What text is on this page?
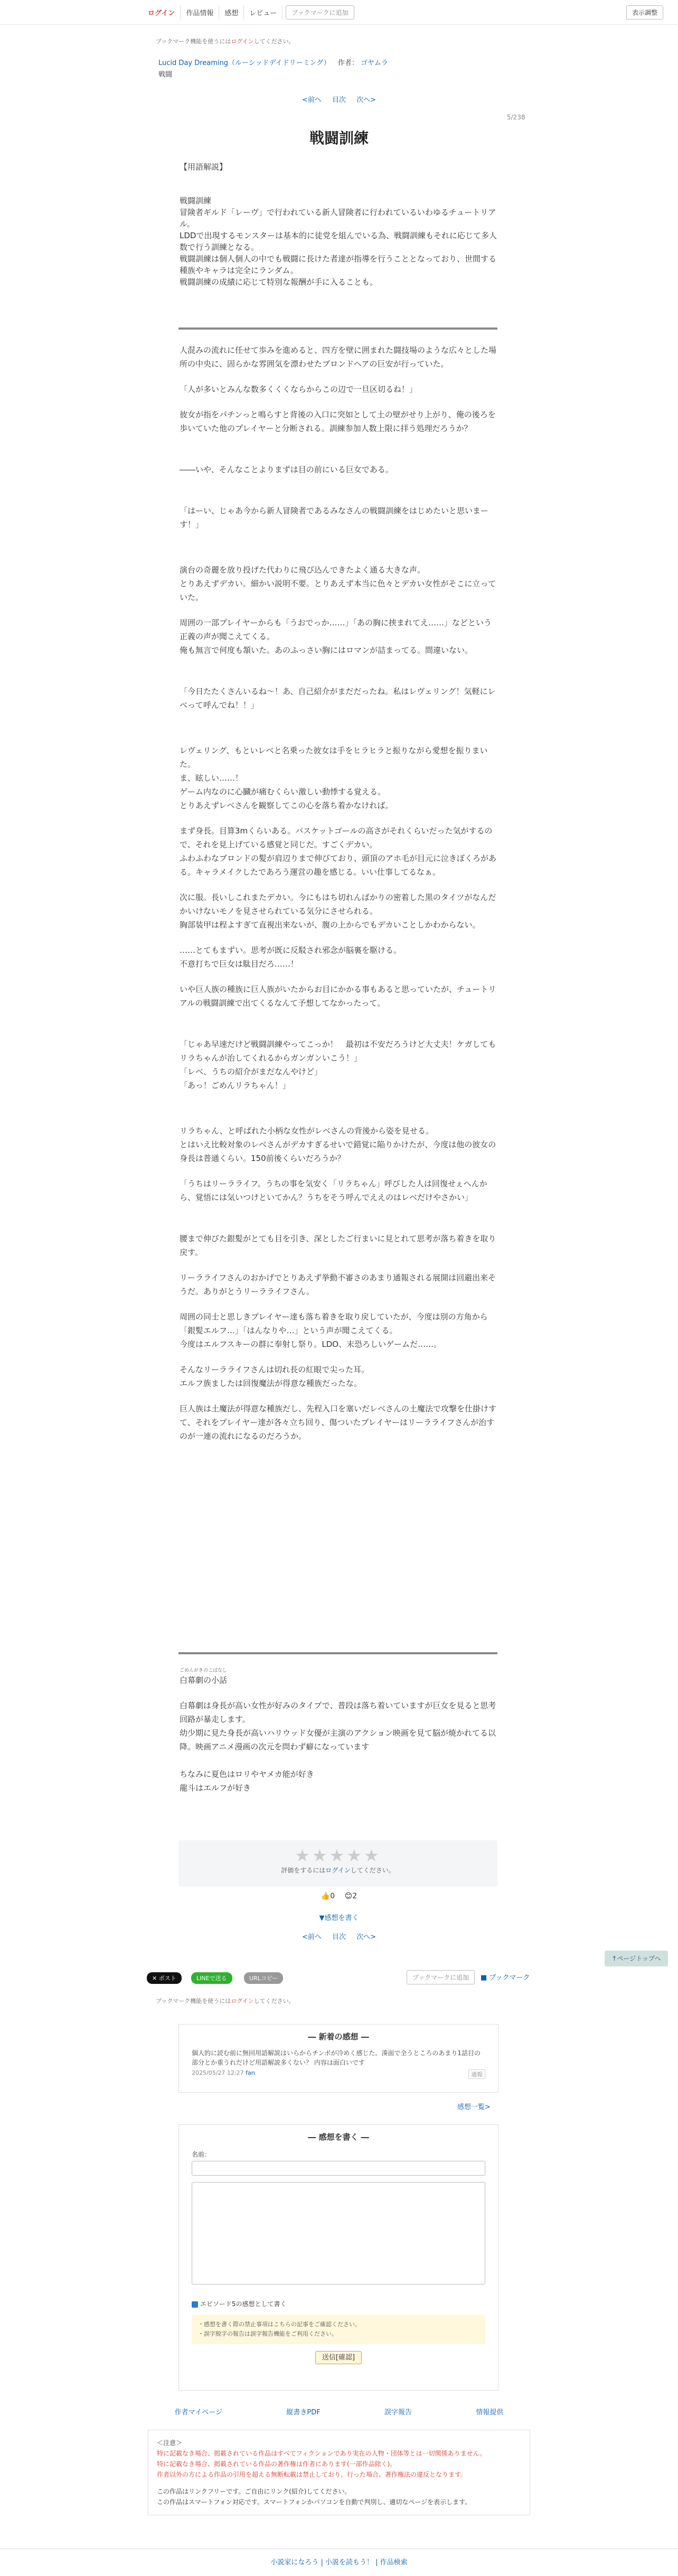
ログイン	作品情報	感想	レビュー	ブックマークに追加	表示調整
ブックマーク機能を使うにはログインしてください。
Lucid Day Dreaming（ルーシッドデイドリーミング） 作者： ゴヤムラ
戦闘
<前へ 目次 次へ>
5/238
戦闘訓練
【用語解説】
戦闘訓練
冒険者ギルド「レーヴ」で行われている新人冒険者に行われているいわゆるチュートリアル。
LDDで出現するモンスターは基本的に徒党を組んでいる為、戦闘訓練もそれに応じて多人数で行う訓練となる。
戦闘訓練は個人個人の中でも戦闘に長けた者達が指導を行うこととなっており、世間する種族やキャラは完全にランダム。
戦闘訓練の成績に応じて特別な報酬が手に入ることも。

人混みの流れに任せて歩みを進めると、四方を壁に囲まれた闘技場のような広々とした場所の中央に、固らかな雰囲気を漂わせたブロンドヘアの巨安が行っていた。

「人が多いとみんな数多くくくならからこの辺で一旦区切るね！」

彼女が指をパチンっと鳴らすと背後の入口に突如として土の壁がせり上がり、俺の後ろを歩いていた他のプレイヤーと分断される。訓練参加人数上限に拝う処理だろうか？

――いや、そんなことよりまずは目の前にいる巨女である。

「はーい、じゃあ今から新人冒険者であるみなさんの戦闘訓練をはじめたいと思いまーす！」

演台の奇麗を放り投げた代わりに飛び込んできたよく通る大きな声。
とりあえずデカい。細かい説明不要。とりあえず本当に色々とデカい女性がそこに立っていた。

周囲の一部プレイヤーからも「うおでっか……」「あの胸に挟まれてえ……」などという正義の声が聞こえてくる。
俺も無言で何度も頷いた。あのふっさい胸にはロマンが詰まってる。間違いない。

「今日たたくさんいるね～！あ、自己紹介がまだだったね。私はレヴェリング！気軽にレベって呼んでね！！」

レヴェリング、もといレベと名乗った彼女は手をヒラヒラと振りながら愛想を振りまいた。
ま、眩しい……！
ゲーム内なのに心臓が痛むくらい激しい動悸する覚える。
とりあえずレベさんを観察してこの心を落ち着かなければ。

まず身長。目算3mくらいある。バスケットゴールの高さがそれくらいだった気がするので、それを見上げている感覚と同じだ。すごくデカい。
ふわふわなブロンドの髪が肩辺りまで伸びており、頭頂のアホ毛が目元に泣きぼくろがある。キャラメイクしたであろう運営の趣を感じる。いい仕事してるなぁ。

次に服。長いしこれまたデカい。今にもはち切れんばかりの密着した黒のタイツがなんだかいけないモノを見させられている気分にさせられる。
胸部装甲は程よすぎて直視出来ないが、腹の上からでもデカいことしかわからない。

……とてもまずい。思考が既に反駁され邪念が脳裏を駆ける。
不意打ちで巨女は駄目だろ……！

いや巨人族の種族に巨人族がいたからお目にかかる事もあると思っていたが、チュートリアルの戦闘訓練で出てくるなんて予想してなかったって。

「じゃあ早速だけど戦闘訓練やってこっか！　最初は不安だろうけど大丈夫！ケガしてもリラちゃんが治してくれるからガンガンいこう！」
「レベ、うちの紹介がまだなんやけど」
「あっ！ごめんリラちゃん！」

リラちゃん、と呼ばれた小柄な女性がレベさんの背後から姿を見せる。
とはいえ比較対象のレベさんがデカすぎるせいで錯覚に陥りかけたが、今度は他の彼女の身長は普通くらい。150前後くらいだろうか？

「うちはリーラライフ。うちの事を気安く「リラちゃん」呼びした人は回復せぇへんから、覚悟には気いつけといてかん？うちをそう呼んでええのはレベだけやさかい」

腰まで伸びた銀髪がとても目を引き、深としたご行まいに見とれて思考が落ち着きを取り戻す。

リーラライフさんのおかげでとりあえず挙動不審さのあまり通報される展開は回避出来そうだ。ありがとうリーラライフさん。

周囲の同士と思しきプレイヤー達も落ち着きを取り戻していたが、今度は別の方角から「銀髪エルフ…」「はんなりや…」という声が聞こえてくる。
今度はエルフスキーの群に奉射し祭り。LDO、末恐ろしいゲームだ……。

そんなリーラライフさんは切れ長の紅眼で尖った耳。
エルフ族ましたは回復魔法が得意な種族だったな。

巨人族は土魔法が得意な種族だし、先程入口を塞いだレベさんの土魔法で攻撃を仕掛けすて、それをプレイヤー達が各々立ち回り、傷ついたプレイヤーはリーラライフさんが治すのが一連の流れになるのだろうか。

ごめんがきのこばなし
白幕劇の小話
白幕劇は身長が高い女性が好みのタイプで、普段は落ち着いていますが巨女を見ると思考回路が暴走します。
幼少期に見た身長が高いハリウッド女優が主演のアクション映画を見て脳が焼かれてる以降。映画アニメ漫画の次元を問わず癖になっています
ちなみに夏色はロリやヤメカ能が好き
龍斗はエルフが好き
★★★★★
評価をするにはログインしてください。
👍0 😊2
▼感想を書く
<前へ 目次 次へ>
↑ページトップへ
✕ ポスト	LINEで送る	URLコピー	ブックマークに追加	■ ブックマーク
ブックマーク機能を使うにはログインしてください。
― 新着の感想 ―
個人的に読む前に無回用語解説はいらからチンポが冷めく感じた。湊面で全うところのあまり1話目の部分とか重うれだけど用語解説多くない？ 内容は面白いです
2025/05/27 12:27 fan	通報
感想一覧>
― 感想を書く ―
名前：
エピソード5の感想として書く
・感想を書く際の禁止事項はこちらの記事をご確認ください。
・誤字脱字の報告は誤字報告機能をご利用ください。
送信[確認]
作者マイページ	縦書きPDF	誤字報告	情報提供
＜注意＞
特に記載なき場合、掲載されている作品はすべてフィクションであり実在の人物・団体等とは一切関係ありません。
特に記載なき場合、掲載されている作品の著作権は作者にあります(一部作品除く)。
作者以外の方による作品の引用を超える無断転載は禁止しており、行った場合、著作権法の違反となります。
この作品はリンクフリーです。ご自由にリンク(紹介)してください。
この作品はスマートフォン対応です。スマートフォンかパソコンを自動で判別し、適切なページを表示します。
小説家になろう | 小説を読もう！ | 作品検索
